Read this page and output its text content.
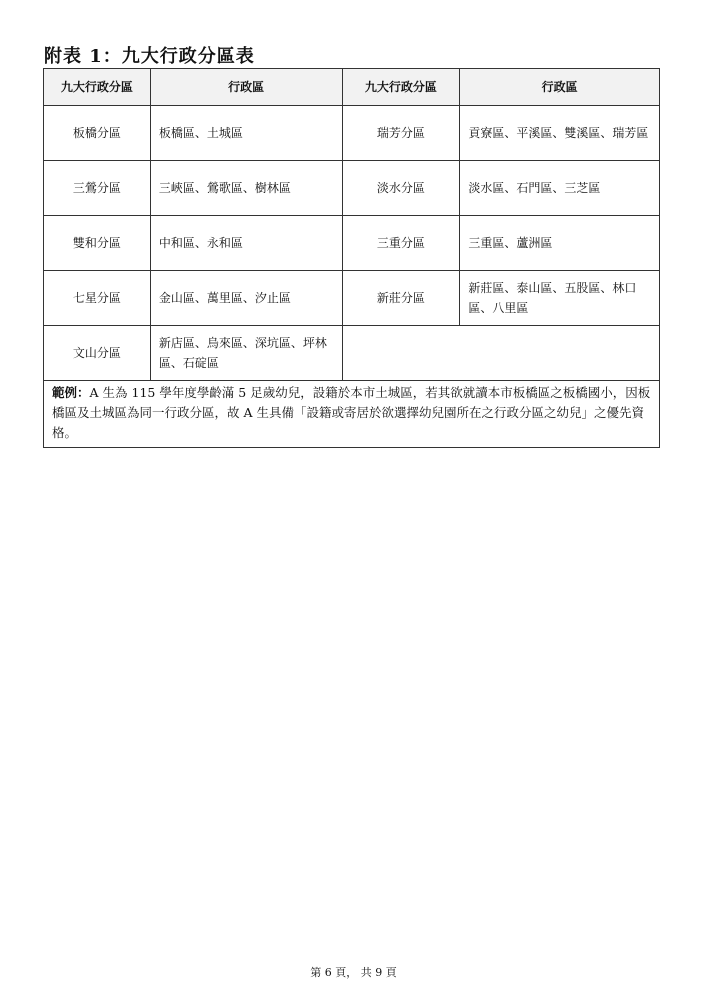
附表 1：九大行政分區表
九大行政分區	行政區	九大行政分區	行政區
板橋分區	板橋區、土城區	瑞芳分區	貢寮區、平溪區、雙溪區、瑞芳區
三鶯分區	三峽區、鶯歌區、樹林區	淡水分區	淡水區、石門區、三芝區
雙和分區	中和區、永和區	三重分區	三重區、蘆洲區
七星分區	金山區、萬里區、汐止區	新莊分區	新莊區、泰山區、五股區、林口區、八里區
文山分區	新店區、烏來區、深坑區、坪林區、石碇區		
範例：A 生為 115 學年度學齡滿 5 足歲幼兒，設籍於本市土城區，若其欲就讀本市板橋區之板橋國小，因板橋區及土城區為同一行政分區，故 A 生具備「設籍或寄居於欲選擇幼兒園所在之行政分區之幼兒」之優先資格。			
第 6 頁， 共 9 頁
